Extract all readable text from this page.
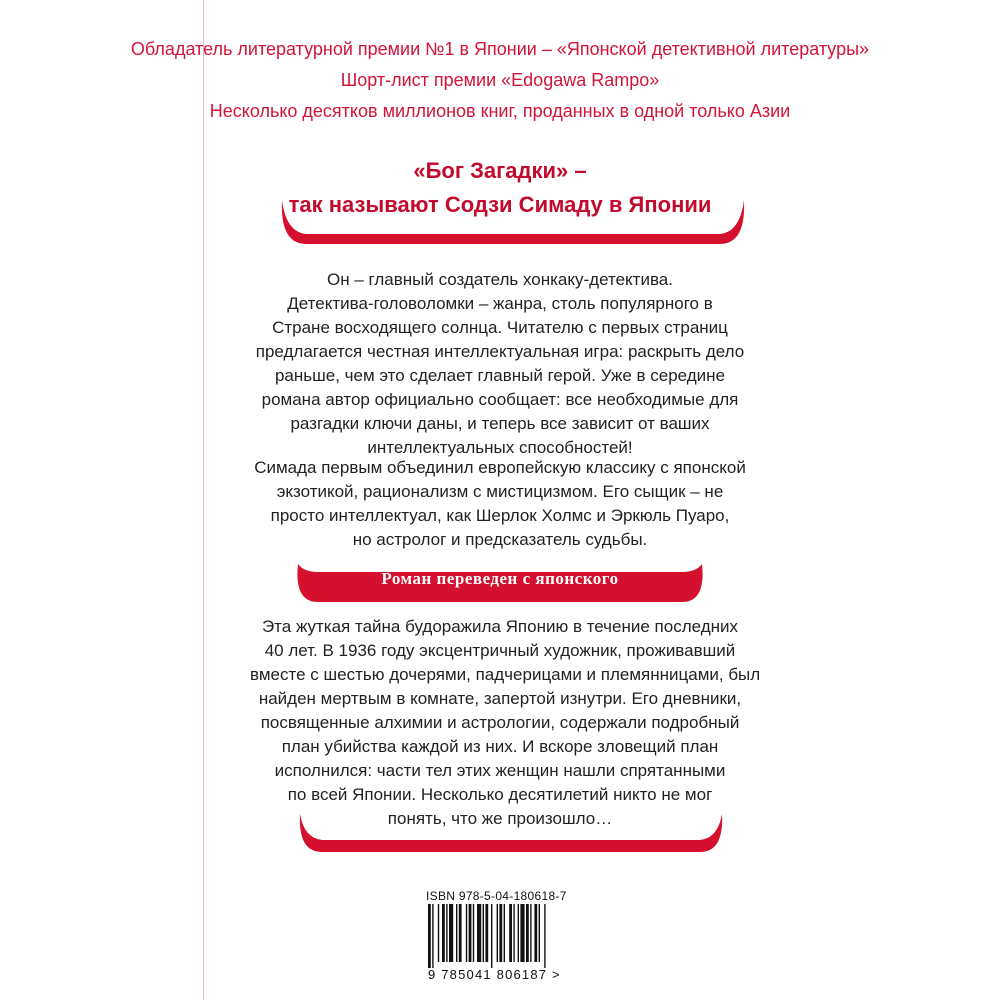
Обладатель литературной премии №1 в Японии – «Японской детективной литературы»
Шорт-лист премии «Edogawa Rampo»
Несколько десятков миллионов книг, проданных в одной только Азии
«Бог Загадки» –
так называют Содзи Симаду в Японии
Он – главный создатель хонкаку-детектива.
Детектива-головоломки – жанра, столь популярного в
Стране восходящего солнца. Читателю с первых страниц
предлагается честная интеллектуальная игра: раскрыть дело
раньше, чем это сделает главный герой. Уже в середине
романа автор официально сообщает: все необходимые для
разгадки ключи даны, и теперь все зависит от ваших
интеллектуальных способностей!
Симада первым объединил европейскую классику с японской
экзотикой, рационализм с мистицизмом. Его сыщик – не
просто интеллектуал, как Шерлок Холмс и Эркюль Пуаро,
но астролог и предсказатель судьбы.
Роман переведен с японского
Эта жуткая тайна будоражила Японию в течение последних
40 лет. В 1936 году эксцентричный художник, проживавший
вместе с шестью дочерями, падчерицами и племянницами, был
найден мертвым в комнате, запертой изнутри. Его дневники,
посвященные алхимии и астрологии, содержали подробный
план убийства каждой из них. И вскоре зловещий план
исполнился: части тел этих женщин нашли спрятанными
по всей Японии. Несколько десятилетий никто не мог
понять, что же произошло…
ISBN 978-5-04-180618-7
9 785041 806187 >
